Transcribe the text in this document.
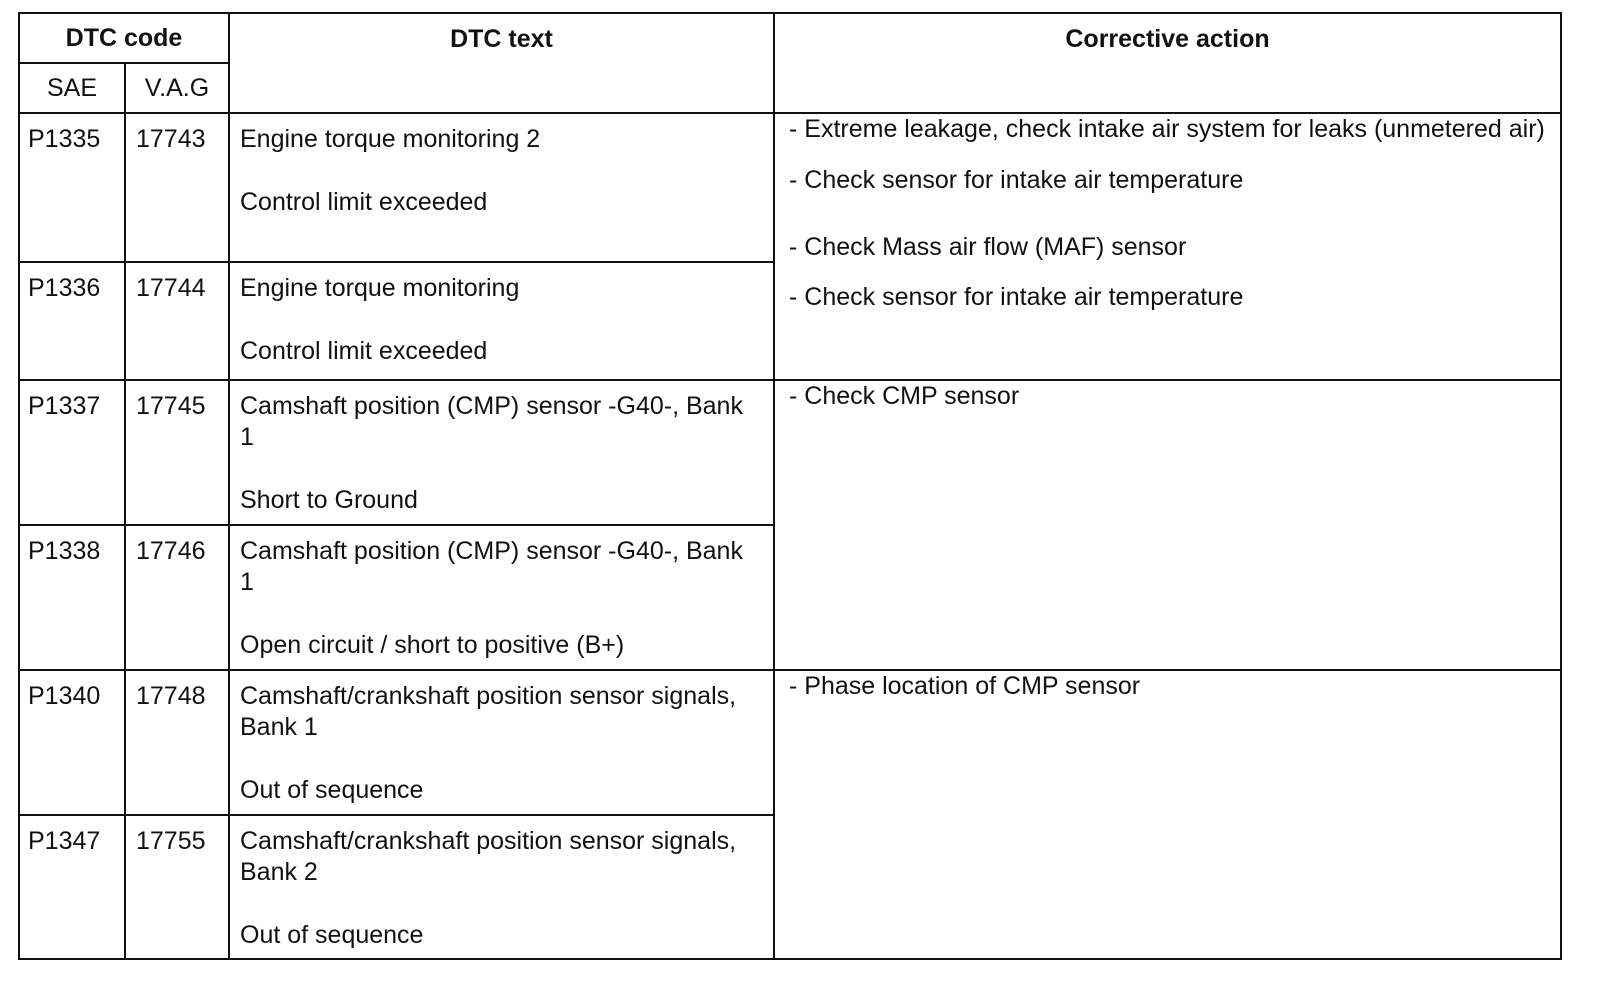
DTC code		DTC text	Corrective action
SAE	V.A.G		
P1335	17743	Engine torque monitoring 2
Control limit exceeded	- Extreme leakage, check intake air system for leaks (unmetered air)
- Check sensor for intake air temperature
- Check Mass air flow (MAF) sensor
- Check sensor for intake air temperature

P1336	17744	Engine torque monitoring
Control limit exceeded	

P1337	17745	Camshaft position (CMP) sensor -G40-, Bank 1
Short to Ground	- Check CMP sensor

P1338	17746	Camshaft position (CMP) sensor -G40-, Bank 1
Open circuit / short to positive (B+)	

P1340	17748	Camshaft/crankshaft position sensor signals, Bank 1
Out of sequence	- Phase location of CMP sensor

P1347	17755	Camshaft/crankshaft position sensor signals, Bank 2
Out of sequence	
